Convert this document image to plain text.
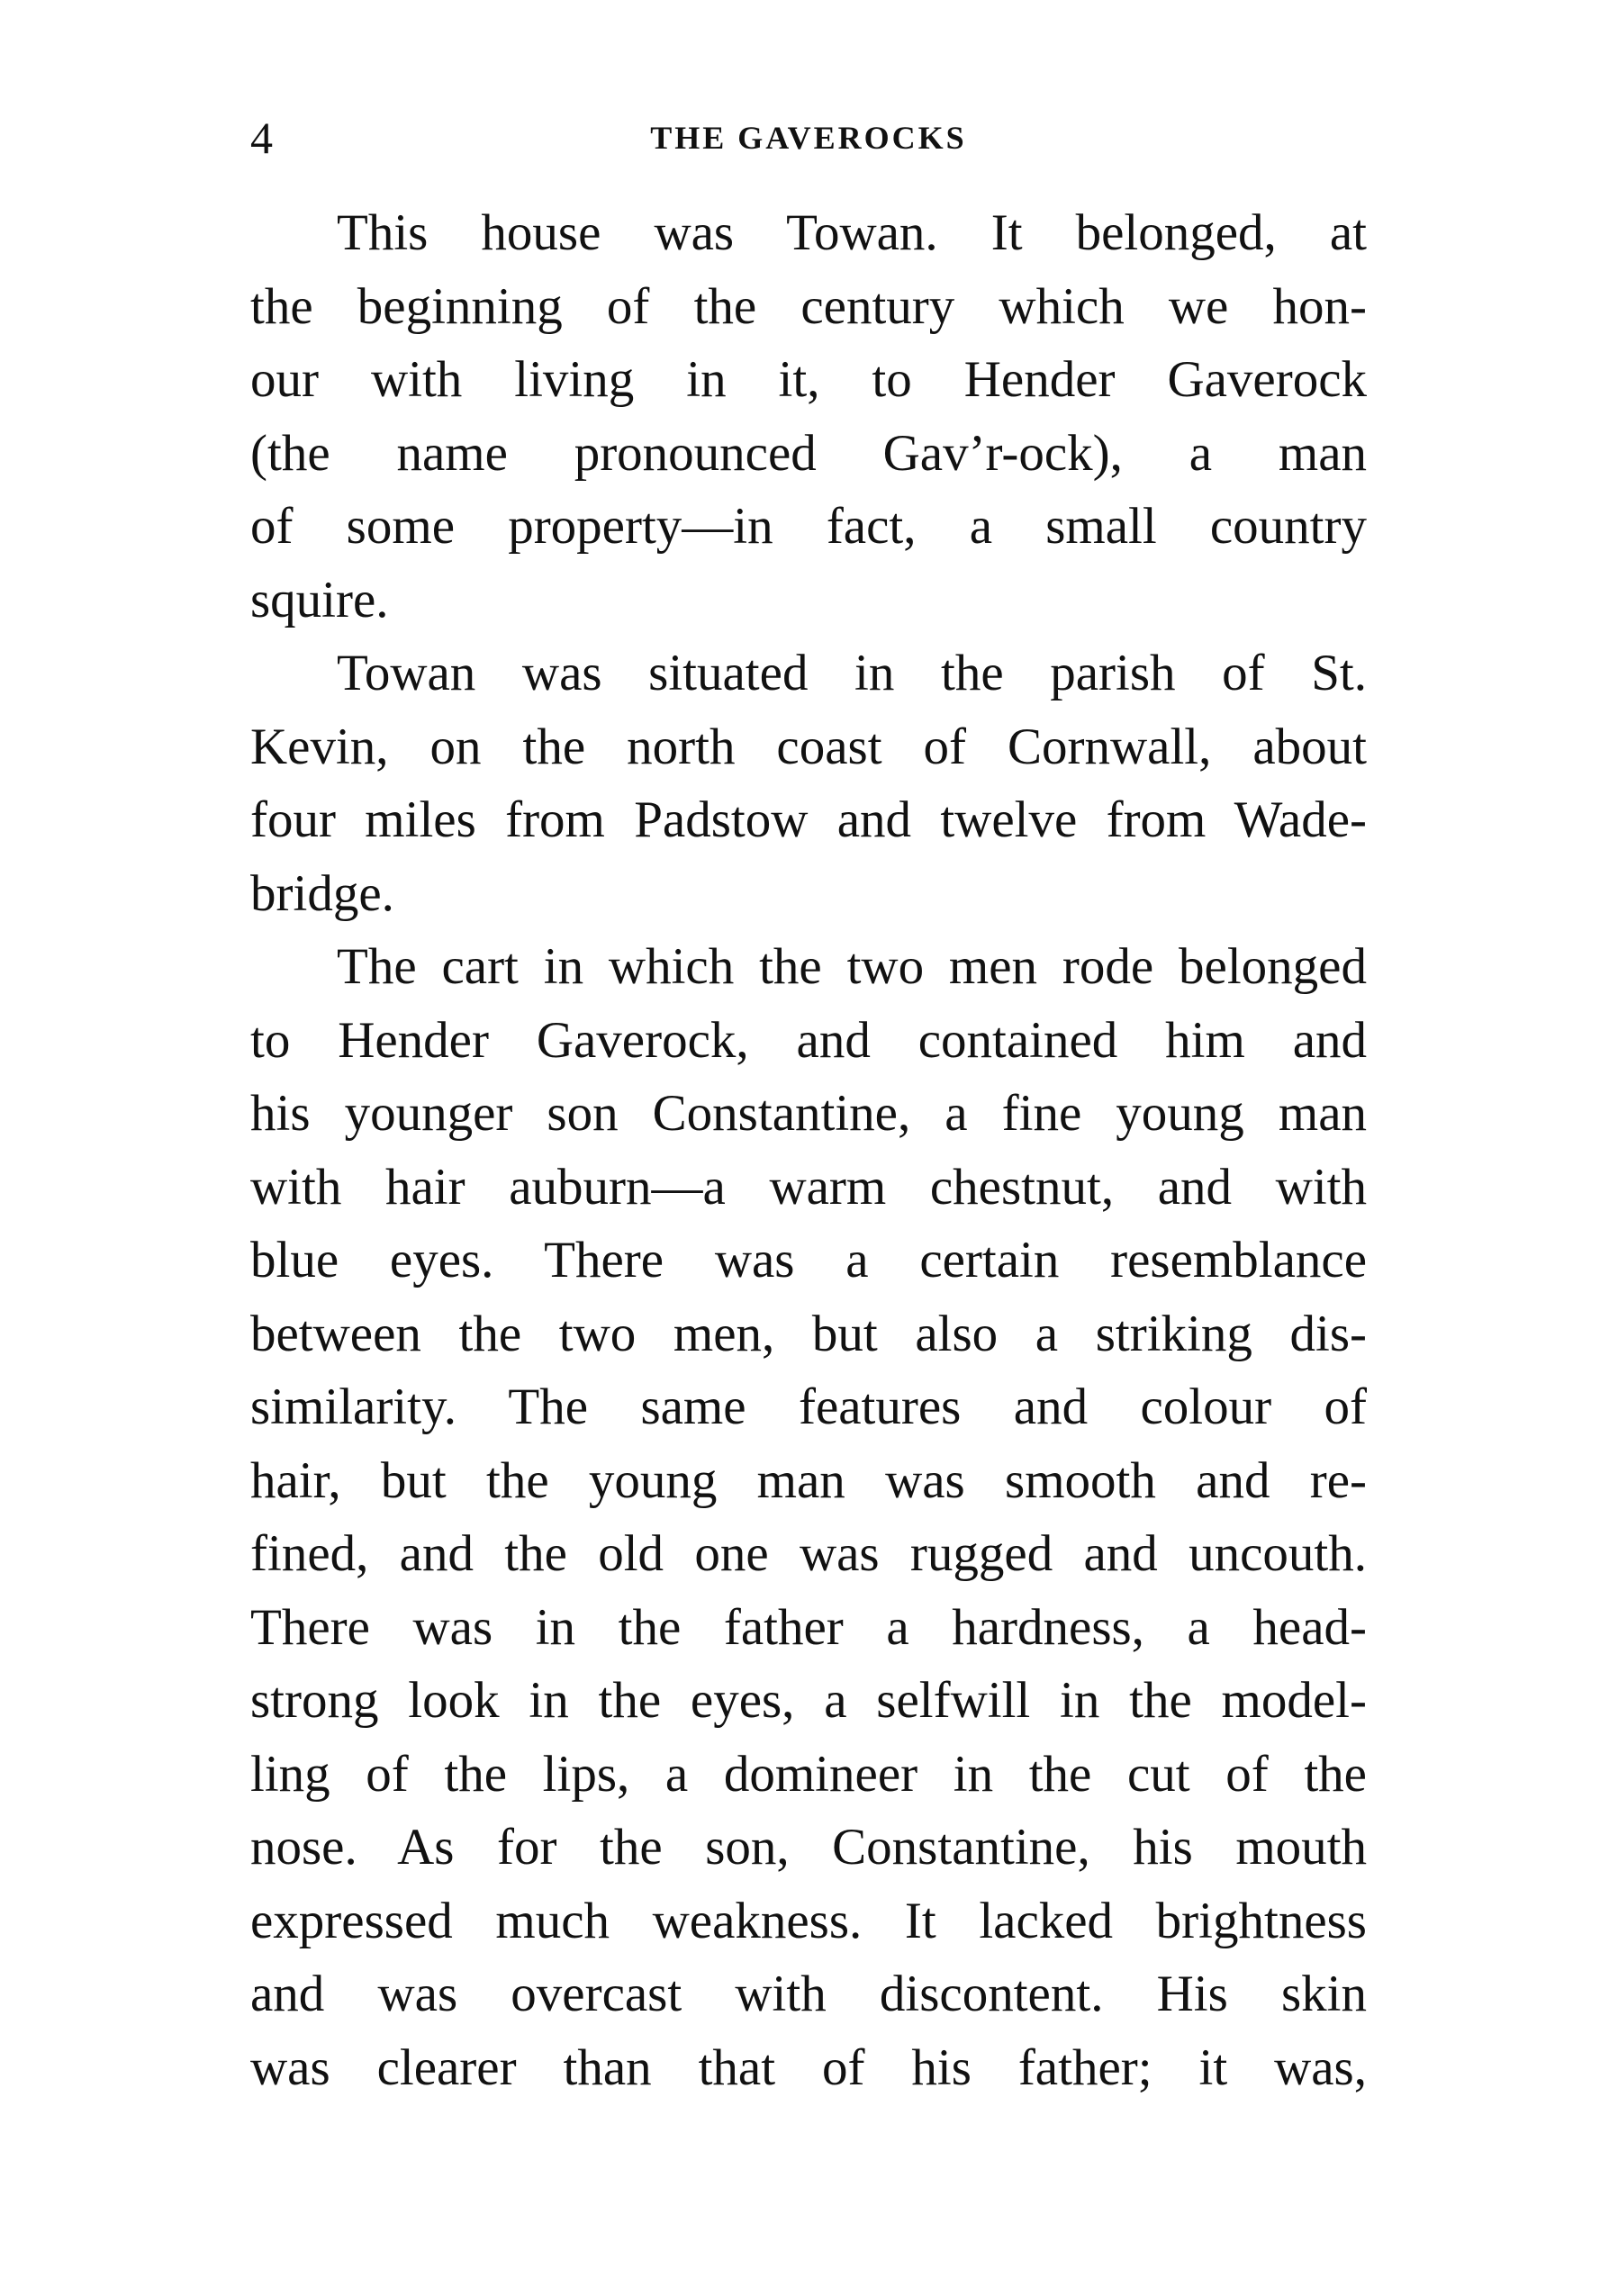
4	THE GAVEROCKS
This house was Towan. It belonged, at
the beginning of the century which we hon-
our with living in it, to Hender Gaverock
(the name pronounced Gav’r-ock), a man
of some property—in fact, a small country
squire.
Towan was situated in the parish of St.
Kevin, on the north coast of Cornwall, about
four miles from Padstow and twelve from Wade-
bridge.
The cart in which the two men rode belonged
to Hender Gaverock, and contained him and
his younger son Constantine, a fine young man
with hair auburn—a warm chestnut, and with
blue eyes. There was a certain resemblance
between the two men, but also a striking dis-
similarity. The same features and colour of
hair, but the young man was smooth and re-
fined, and the old one was rugged and uncouth.
There was in the father a hardness, a head-
strong look in the eyes, a selfwill in the model-
ling of the lips, a domineer in the cut of the
nose. As for the son, Constantine, his mouth
expressed much weakness. It lacked brightness
and was overcast with discontent. His skin
was clearer than that of his father; it was,
